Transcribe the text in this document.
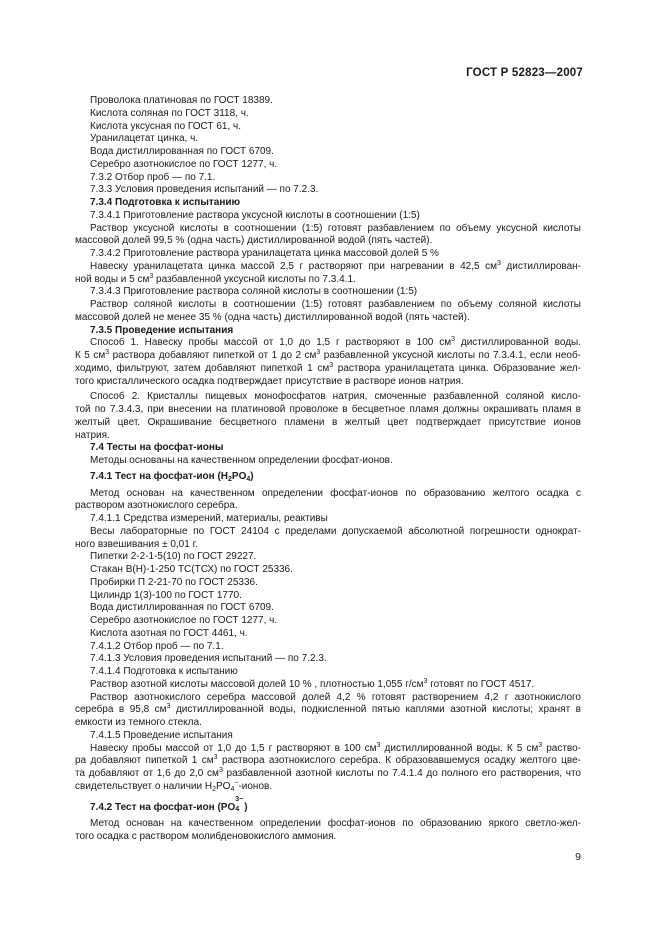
ГОСТ Р 52823—2007
Проволока платиновая по ГОСТ 18389.
Кислота соляная по ГОСТ 3118, ч.
Кислота уксусная по ГОСТ 61, ч.
Уранилацетат цинка, ч.
Вода дистиллированная по ГОСТ 6709.
Серебро азотнокислое по ГОСТ 1277, ч.
7.3.2 Отбор проб — по 7.1.
7.3.3 Условия проведения испытаний — по 7.2.3.
7.3.4 Подготовка к испытанию
7.3.4.1 Приготовление раствора уксусной кислоты в соотношении (1:5)
Раствор уксусной кислоты в соотношении (1:5) готовят разбавлением по объему уксусной кислоты
массовой долей 99,5 % (одна часть) дистиллированной водой (пять частей).
7.3.4.2 Приготовление раствора уранилацетата цинка массовой долей 5 %
Навеску уранилацетата цинка массой 2,5 г растворяют при нагревании в 42,5 $см^3$ дистиллирован-
ной воды и 5 $см^3$ разбавленной уксусной кислоты по 7.3.4.1.
7.3.4.3 Приготовление раствора соляной кислоты в соотношении (1:5)
Раствор соляной кислоты в соотношении (1:5) готовят разбавлением по объему соляной кислоты
массовой долей не менее 35 % (одна часть) дистиллированной водой (пять частей).
7.3.5 Проведение испытания
Способ 1. Навеску пробы массой от 1,0 до 1,5 г растворяют в 100 $см^3$ дистиллированной воды.
К 5 $см^3$ раствора добавляют пипеткой от 1 до 2 $см^3$ разбавленной уксусной кислоты по 7.3.4.1, если необ-
ходимо, фильтруют, затем добавляют пипеткой 1 $см^3$ раствора уранилацетата цинка. Образование жел-
того кристаллического осадка подтверждает присутствие в растворе ионов натрия.
Способ 2. Кристаллы пищевых монофосфатов натрия, смоченные разбавленной соляной кисло-
той по 7.3.4.3, при внесении на платиновой проволоке в бесцветное пламя должны окрашивать пламя в
желтый цвет. Окрашивание бесцветного пламени в желтый цвет подтверждает присутствие ионов
натрия.
7.4 Тесты на фосфат-ионы
Методы основаны на качественном определении фосфат-ионов.
7.4.1 Тест на фосфат-ион $(H_2PO_4)$
Метод основан на качественном определении фосфат-ионов по образованию желтого осадка с
раствором азотнокислого серебра.
7.4.1.1 Средства измерений, материалы, реактивы
Весы лабораторные по ГОСТ 24104 с пределами допускаемой абсолютной погрешности однократ-
ного взвешивания ± 0,01 г.
Пипетки 2-2-1-5(10) по ГОСТ 29227.
Стакан В(Н)-1-250 ТС(ТСХ) по ГОСТ 25336.
Пробирки П 2-21-70 по ГОСТ 25336.
Цилиндр 1(3)-100 по ГОСТ 1770.
Вода дистиллированная по ГОСТ 6709.
Серебро азотнокислое по ГОСТ 1277, ч.
Кислота азотная по ГОСТ 4461, ч.
7.4.1.2 Отбор проб — по 7.1.
7.4.1.3 Условия проведения испытаний — по 7.2.3.
7.4.1.4 Подготовка к испытанию
Раствор азотной кислоты массовой долей 10 % , плотностью 1,055 $г/см^3$ готовят по ГОСТ 4517.
Раствор азотнокислого серебра массовой долей 4,2 % готовят растворением 4,2 г азотнокислого
серебра в 95,8 $см^3$ дистиллированной воды, подкисленной пятью каплями азотной кислоты; хранят в
емкости из темного стекла.
7.4.1.5 Проведение испытания
Навеску пробы массой от 1,0 до 1,5 г растворяют в 100 $см^3$ дистиллированной воды. К 5 $см^3$ раство-
ра добавляют пипеткой 1 $см^3$ раствора азотнокислого серебра. К образовавшемуся осадку желтого цве-
та добавляют от 1,6 до 2,0 $см^3$ разбавленной азотной кислоты по 7.4.1.4 до полного его растворения, что
свидетельствует о наличии $H_2PO_4^-$-ионов.
7.4.2 Тест на фосфат-ион (PO
3−
4 )
Метод основан на качественном определении фосфат-ионов по образованию яркого светло-жел-
того осадка с раствором молибденовокислого аммония.
9
